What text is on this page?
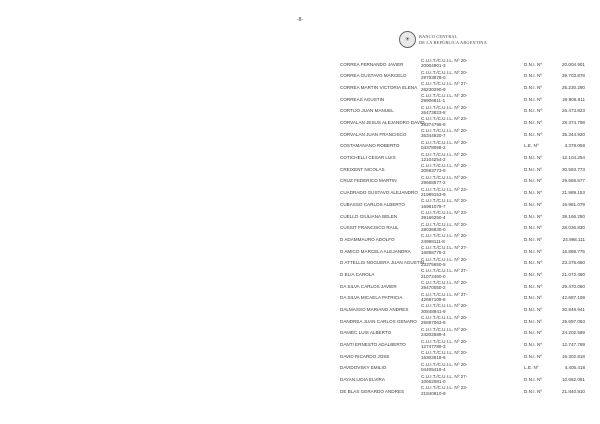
-8-
☀
BANCO CENTRAL
DE LA REPÚBLICA ARGENTINA
CORREA FERNANDO JAVIER
C.U.I.T./C.U.I.L. Nº 20-
20004901-3	D.N.I. Nº	20.004.901
CORREA GUSTAVO MARCELO
C.U.I.T./C.U.I.L. Nº 20-
29703878-0	D.N.I. Nº	29.703.878
CORREA MARTIN VICTORIA ELENA
C.U.I.T./C.U.I.L. Nº 27-
26230290-9	D.N.I. Nº	26.230.290
CORREAS AGUSTIN
C.U.I.T./C.U.I.L. Nº 20-
29906811-1	D.N.I. Nº	29.906.811
CORTIJO JUAN MANUEL
C.U.I.T./C.U.I.L. Nº 20-
26473823-8	D.N.I. Nº	26.473.823
CORVALAN JESUS ALEJANDRO DAVID
C.U.I.T./C.U.I.L. Nº 23-
28374798-9	D.N.I. Nº	28.374.798
CORVALAN JUAN FRANCISCO
C.U.I.T./C.U.I.L. Nº 20-
35344920-7	D.N.I. Nº	35.344.920
COSTAMANANO ROBERTO
C.U.I.T./C.U.I.L. Nº 20-
04378058-2	L.E. Nº	4.378.058
COTICHELLI CESAR LUIS
C.U.I.T./C.U.I.L. Nº 20-
12104254-2	D.N.I. Nº	12.104.254
CREIXENT NICOLAS
C.U.I.T./C.U.I.L. Nº 20-
30593773-9	D.N.I. Nº	30.593.773
CRUZ FEDERICO MARTIN
C.U.I.T./C.U.I.L. Nº 20-
29668577-2	D.N.I. Nº	29.668.577
CUADRADO GUSTAVO ALEJANDRO
C.U.I.T./C.U.I.L. Nº 23-
21989153-9	D.N.I. Nº	21.989.153
CUBASSO CARLOS ALBERTO
C.U.I.T./C.U.I.L. Nº 20-
16981079-7	D.N.I. Nº	16.981.079
CUELLO GIULIANA BELEN
C.U.I.T./C.U.I.L. Nº 23-
39166250-4	D.N.I. Nº	39.166.250
CUSSIT FRANCISCO RAUL
C.U.I.T./C.U.I.L. Nº 20-
28036830-0	D.N.I. Nº	28.036.830
D ADAMMAURO ADOLFO
C.U.I.T./C.U.I.L. Nº 20-
24998111-8	D.N.I. Nº	24.998.111
D AMICO MARCELA ALEJANDRA
C.U.I.T./C.U.I.L. Nº 27-
16898775-2	D.N.I. Nº	16.898.775
D ATTELLIS NOGUERA JUAN AGUSTIN
C.U.I.T./C.U.I.L. Nº 20-
23375650-5	D.N.I. Nº	23.375.650
D ELIA CAROLA
C.U.I.T./C.U.I.L. Nº 27-
21072460-0	D.N.I. Nº	21.072.460
DA SILVA CARLOS JAVIER
C.U.I.T./C.U.I.L. Nº 20-
29470050-2	D.N.I. Nº	29.470.050
DA SILVA MICAELA PATRICIA
C.U.I.T./C.U.I.L. Nº 27-
42687109-8	D.N.I. Nº	42.687.109
DALMASSO MARIANO ANDRES
C.U.I.T./C.U.I.L. Nº 20-
30848941-9	D.N.I. Nº	30.848.941
DANDREA JUAN CARLOS GENARO
C.U.I.T./C.U.I.L. Nº 20-
25697063-6	D.N.I. Nº	25.697.063
DANIEC LUIS ALBERTO
C.U.I.T./C.U.I.L. Nº 20-
24202589-4	D.N.I. Nº	24.202.589
DANTI ERNESTO ADALBERTO
C.U.I.T./C.U.I.L. Nº 20-
12747789-3	D.N.I. Nº	12.747.789
DAVID RICARDO JOSE
C.U.I.T./C.U.I.L. Nº 20-
16302818-6	D.N.I. Nº	16.302.818
DAVIDOVSKY EMILIO
C.U.I.T./C.U.I.L. Nº 20-
04405418-4	L.E. Nº	4.405.418
DAYAN LIDIA ELVIRA
C.U.I.T./C.U.I.L. Nº 27-
10662081-0	D.N.I. Nº	10.662.081
DE BLAS GERARDO ANDRES
C.U.I.T./C.U.I.L. Nº 23-
21840810-9	D.N.I. Nº	21.840.810
